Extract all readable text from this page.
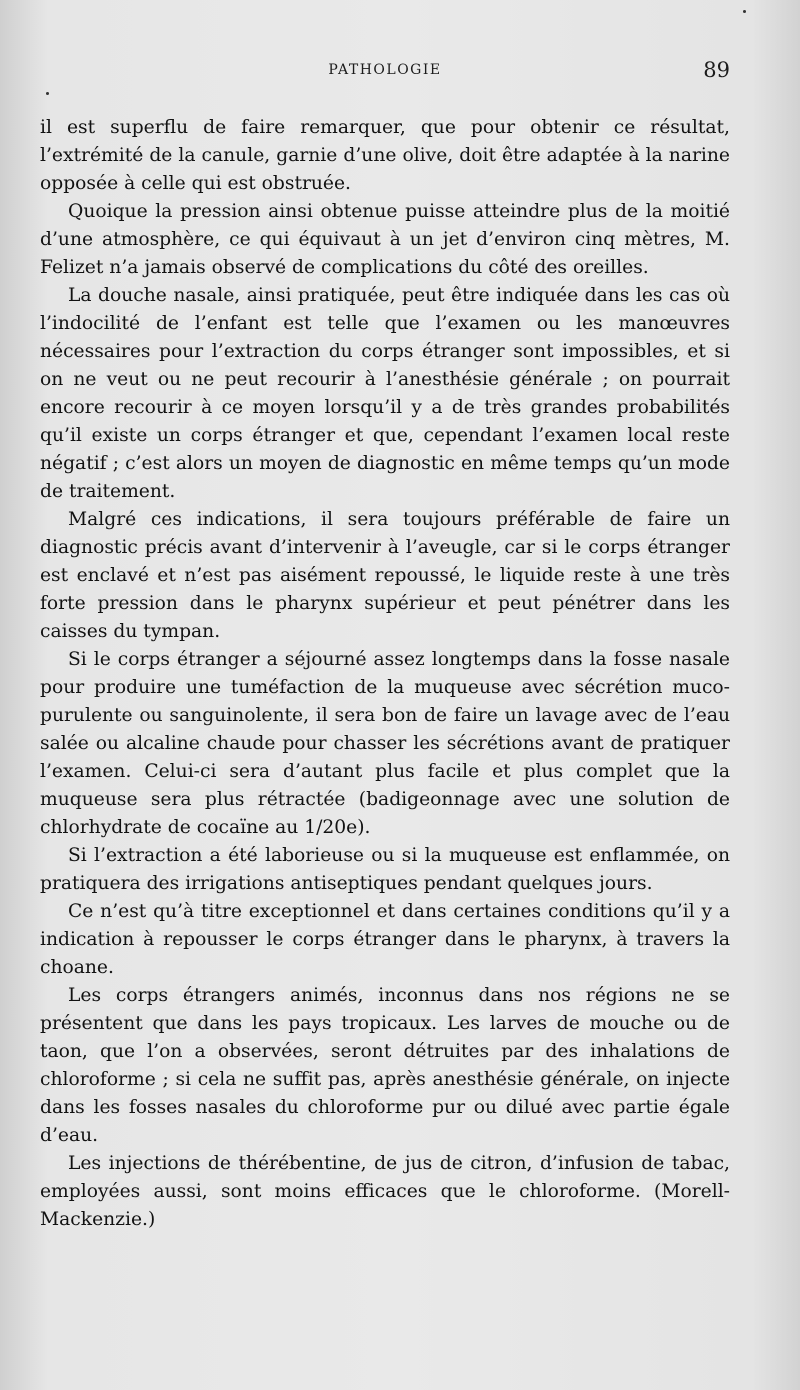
PATHOLOGIE	89

il est superflu de faire remarquer, que pour obtenir ce résultat, l’extrémité de la canule, garnie d’une olive, doit être adaptée à la narine opposée à celle qui est obstruée.

Quoique la pression ainsi obtenue puisse atteindre plus de la moitié d’une atmosphère, ce qui équivaut à un jet d’environ cinq mètres, M. Felizet n’a jamais observé de complications du côté des oreilles.

La douche nasale, ainsi pratiquée, peut être indiquée dans les cas où l’indocilité de l’enfant est telle que l’examen ou les manœuvres nécessaires pour l’extraction du corps étranger sont impossibles, et si on ne veut ou ne peut recourir à l’anesthésie générale ; on pourrait encore recourir à ce moyen lorsqu’il y a de très grandes probabilités qu’il existe un corps étranger et que, cependant l’examen local reste négatif ; c’est alors un moyen de diagnostic en même temps qu’un mode de traitement.

Malgré ces indications, il sera toujours préférable de faire un diagnostic précis avant d’intervenir à l’aveugle, car si le corps étranger est enclavé et n’est pas aisément repoussé, le liquide reste à une très forte pression dans le pharynx supérieur et peut pénétrer dans les caisses du tympan.

Si le corps étranger a séjourné assez longtemps dans la fosse nasale pour produire une tuméfaction de la muqueuse avec sécrétion muco-purulente ou sanguinolente, il sera bon de faire un lavage avec de l’eau salée ou alcaline chaude pour chasser les sécrétions avant de pratiquer l’examen. Celui-ci sera d’autant plus facile et plus complet que la muqueuse sera plus rétractée (badigeonnage avec une solution de chlorhydrate de cocaïne au 1/20e).

Si l’extraction a été laborieuse ou si la muqueuse est enflammée, on pratiquera des irrigations antiseptiques pendant quelques jours.

Ce n’est qu’à titre exceptionnel et dans certaines conditions qu’il y a indication à repousser le corps étranger dans le pharynx, à travers la choane.

Les corps étrangers animés, inconnus dans nos régions ne se présentent que dans les pays tropicaux. Les larves de mouche ou de taon, que l’on a observées, seront détruites par des inhalations de chloroforme ; si cela ne suffit pas, après anesthésie générale, on injecte dans les fosses nasales du chloroforme pur ou dilué avec partie égale d’eau.

Les injections de thérébentine, de jus de citron, d’infusion de tabac, employées aussi, sont moins efficaces que le chloroforme. (Morell-Mackenzie.)
